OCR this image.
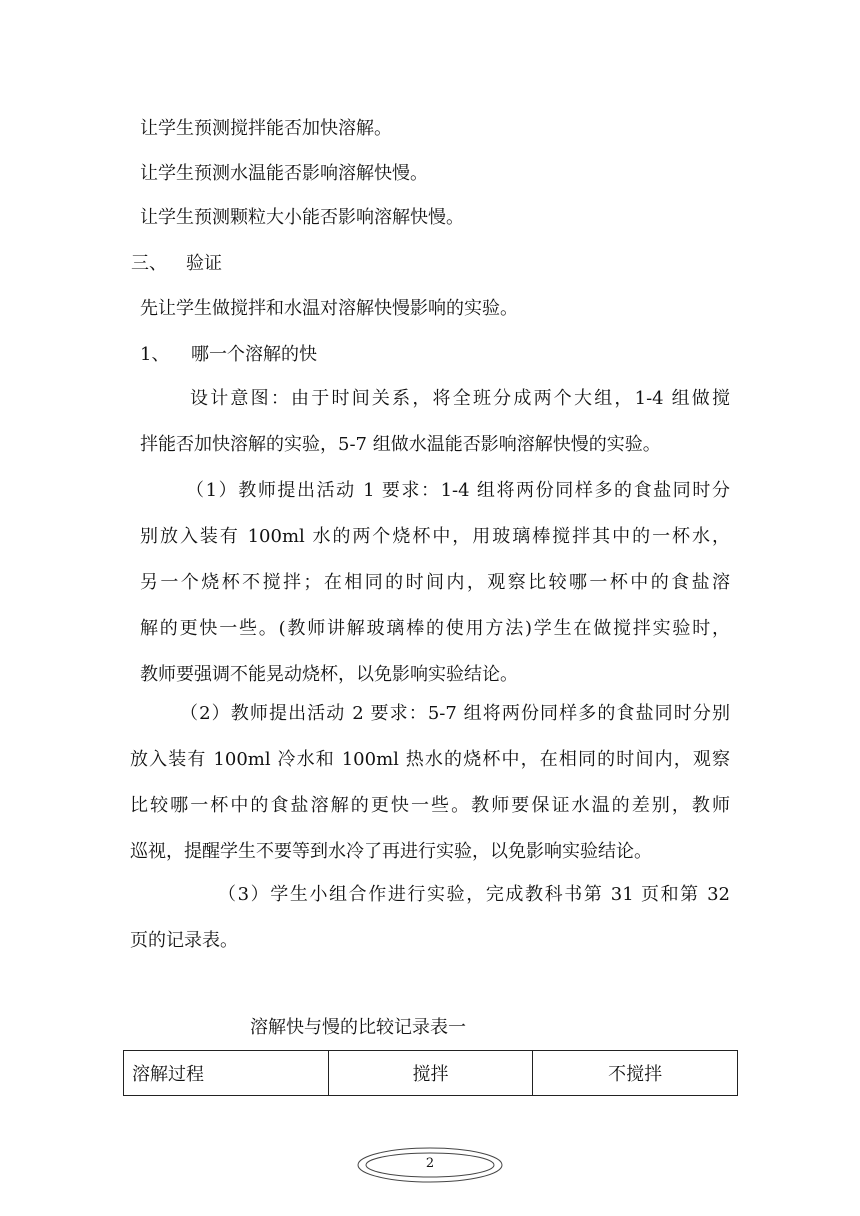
让学生预测搅拌能否加快溶解。
让学生预测水温能否影响溶解快慢。
让学生预测颗粒大小能否影响溶解快慢。
三、 验证
先让学生做搅拌和水温对溶解快慢影响的实验。
1、 哪一个溶解的快
设计意图：由于时间关系，将全班分成两个大组，1-4 组做搅
拌能否加快溶解的实验，5-7 组做水温能否影响溶解快慢的实验。
（1）教师提出活动 1 要求：1-4 组将两份同样多的食盐同时分
别放入装有 100ml 水的两个烧杯中，用玻璃棒搅拌其中的一杯水，
另一个烧杯不搅拌；在相同的时间内，观察比较哪一杯中的食盐溶
解的更快一些。(教师讲解玻璃棒的使用方法)学生在做搅拌实验时，
教师要强调不能晃动烧杯，以免影响实验结论。
（2）教师提出活动 2 要求：5-7 组将两份同样多的食盐同时分别
放入装有 100ml 冷水和 100ml 热水的烧杯中，在相同的时间内，观察
比较哪一杯中的食盐溶解的更快一些。教师要保证水温的差别，教师
巡视，提醒学生不要等到水冷了再进行实验，以免影响实验结论。
（3）学生小组合作进行实验，完成教科书第 31 页和第 32
页的记录表。
溶解快与慢的比较记录表一
溶解过程	搅拌	不搅拌
2
